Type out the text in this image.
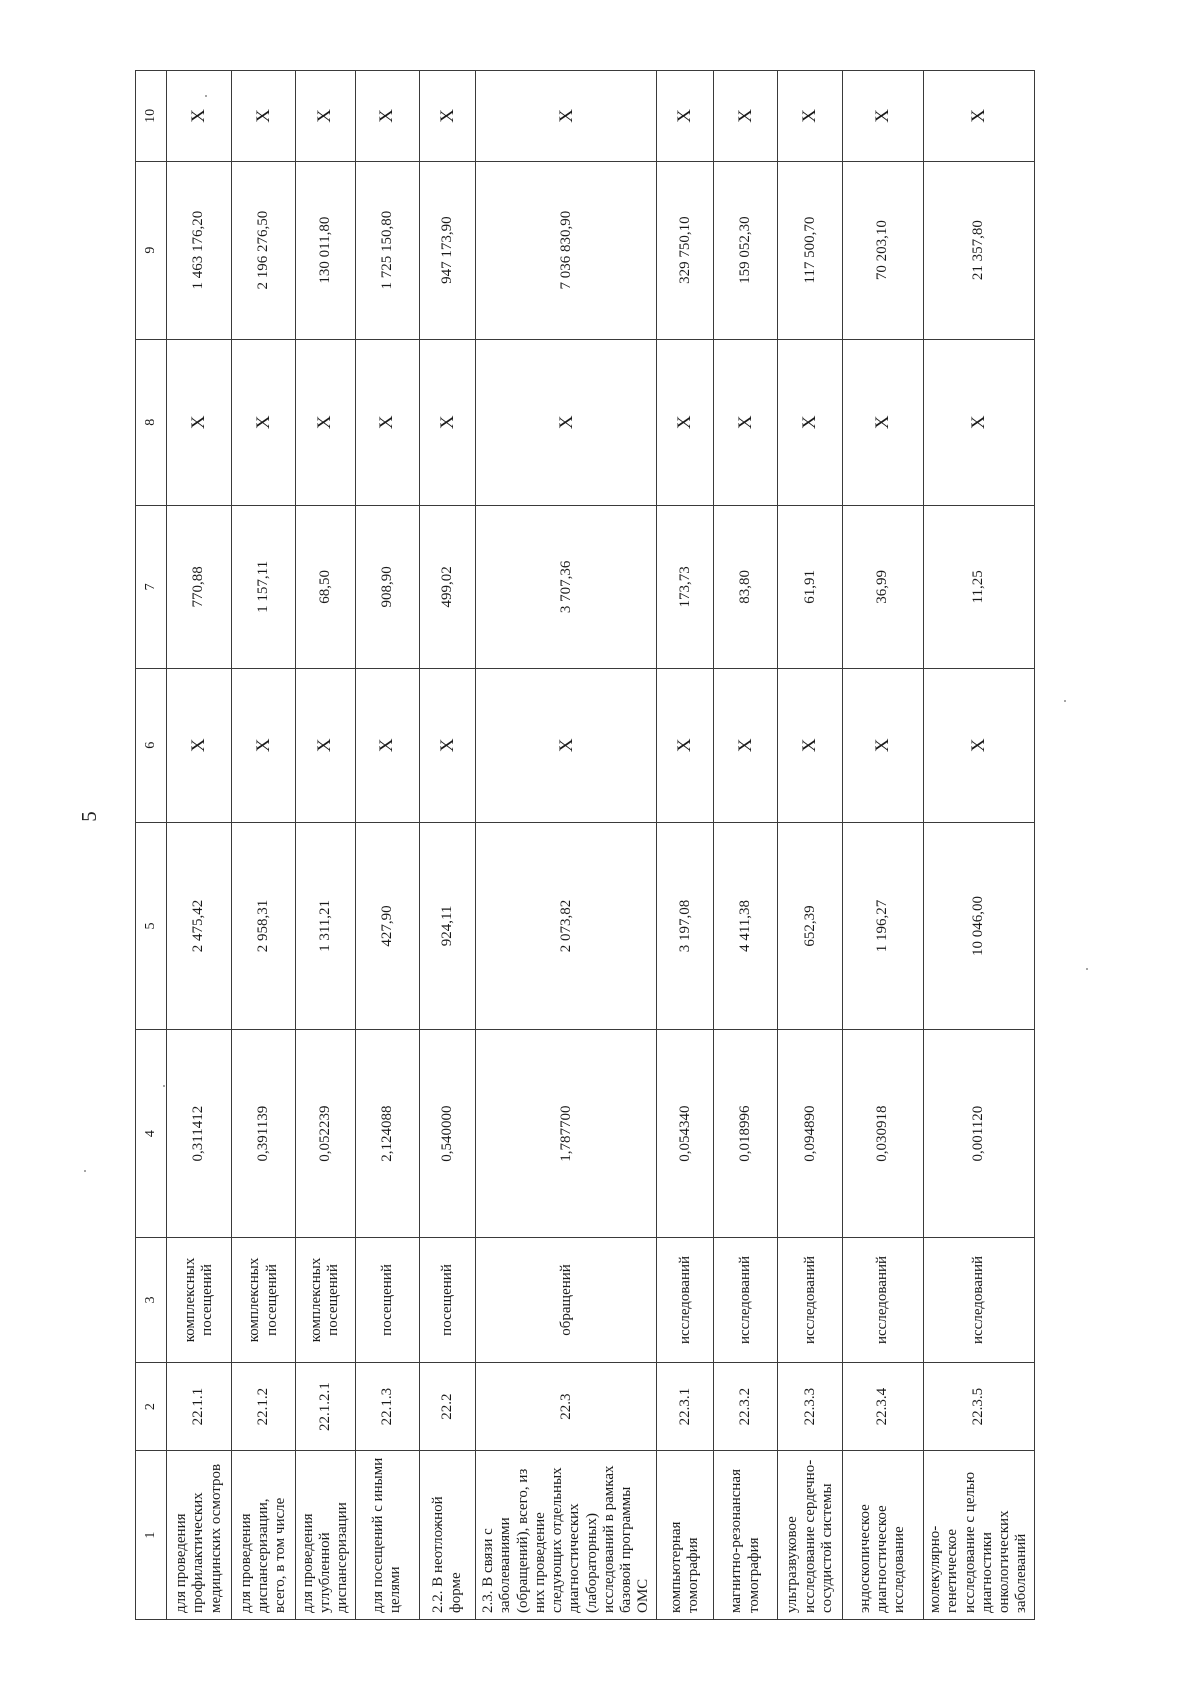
5
1	2	3	4	5	6	7	8	9	10
для проведения профилактических медицинских осмотров	22.1.1	комплексных посещений	0,311412	2 475,42	X	770,88	X	1 463 176,20	X
для проведения диспансеризации, всего, в том числе	22.1.2	комплексных посещений	0,391139	2 958,31	X	1 157,11	X	2 196 276,50	X
для проведения углубленной диспансеризации	22.1.2.1	комплексных посещений	0,052239	1 311,21	X	68,50	X	130 011,80	X
для посещений с иными целями	22.1.3	посещений	2,124088	427,90	X	908,90	X	1 725 150,80	X
2.2. В неотложной форме	22.2	посещений	0,540000	924,11	X	499,02	X	947 173,90	X
2.3. В связи с заболеваниями (обращений), всего, из них проведение следующих отдельных диагностических (лабораторных) исследований в рамках базовой программы ОМС	22.3	обращений	1,787700	2 073,82	X	3 707,36	X	7 036 830,90	X
компьютерная томография	22.3.1	исследований	0,054340	3 197,08	X	173,73	X	329 750,10	X
магнитно-резонансная томография	22.3.2	исследований	0,018996	4 411,38	X	83,80	X	159 052,30	X
ультразвуковое исследование сердечно-сосудистой системы	22.3.3	исследований	0,094890	652,39	X	61,91	X	117 500,70	X
эндоскопическое диагностическое исследование	22.3.4	исследований	0,030918	1 196,27	X	36,99	X	70 203,10	X
молекулярно-генетическое исследование с целью диагностики онкологических заболеваний	22.3.5	исследований	0,001120	10 046,00	X	11,25	X	21 357,80	X
